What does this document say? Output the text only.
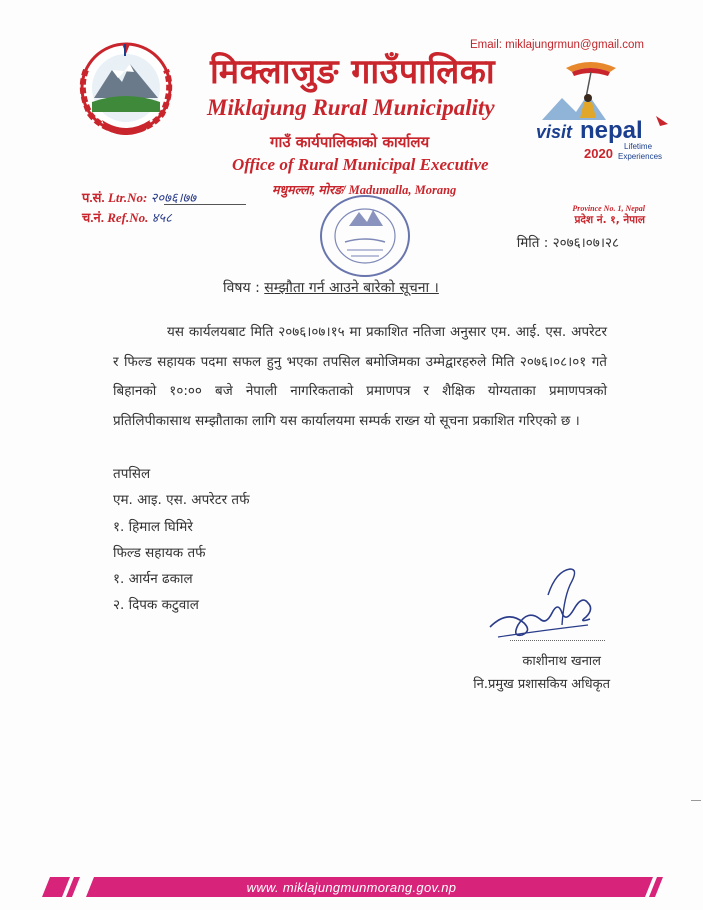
Email: miklajungrmun@gmail.com
मिक्लाजुङ गाउँपालिका
Miklajung Rural Municipality
गाउँ कार्यपालिकाको कार्यालय
Office of Rural Municipal Executive
मधुमल्ला, मोरङ/ Madumalla, Morang
visit nepal
2020 Lifetime
Experiences
प.सं. Ltr.No: २०७६।७७
च.नं. Ref.No. ४५८
Province No. 1, Nepal
प्रदेश नं. १, नेपाल
मिति : २०७६।०७।२८
विषय : सम्झौता गर्न आउने बारेको सूचना ।
यस कार्यलयबाट मिति २०७६।०७।१५ मा प्रकाशित नतिजा अनुसार एम. आई. एस. अपरेटर र फिल्ड सहायक पदमा सफल हुनु भएका तपसिल बमोजिमका उम्मेद्वारहरुले मिति २०७६।०८।०१ गते बिहानको १०:०० बजे नेपाली नागरिकताको प्रमाणपत्र र शैक्षिक योग्यताका प्रमाणपत्रको प्रतिलिपीकासाथ सम्झौताका लागि यस कार्यालयमा सम्पर्क राख्न यो सूचना प्रकाशित गरिएको छ ।
तपसिल
एम. आइ. एस. अपरेटर तर्फ
१. हिमाल घिमिरे
फिल्ड सहायक तर्फ
१. आर्यन ढकाल
२. दिपक कटुवाल
काशीनाथ खनाल
नि.प्रमुख प्रशासकिय अधिकृत
www. miklajungmunmorang.gov.np
